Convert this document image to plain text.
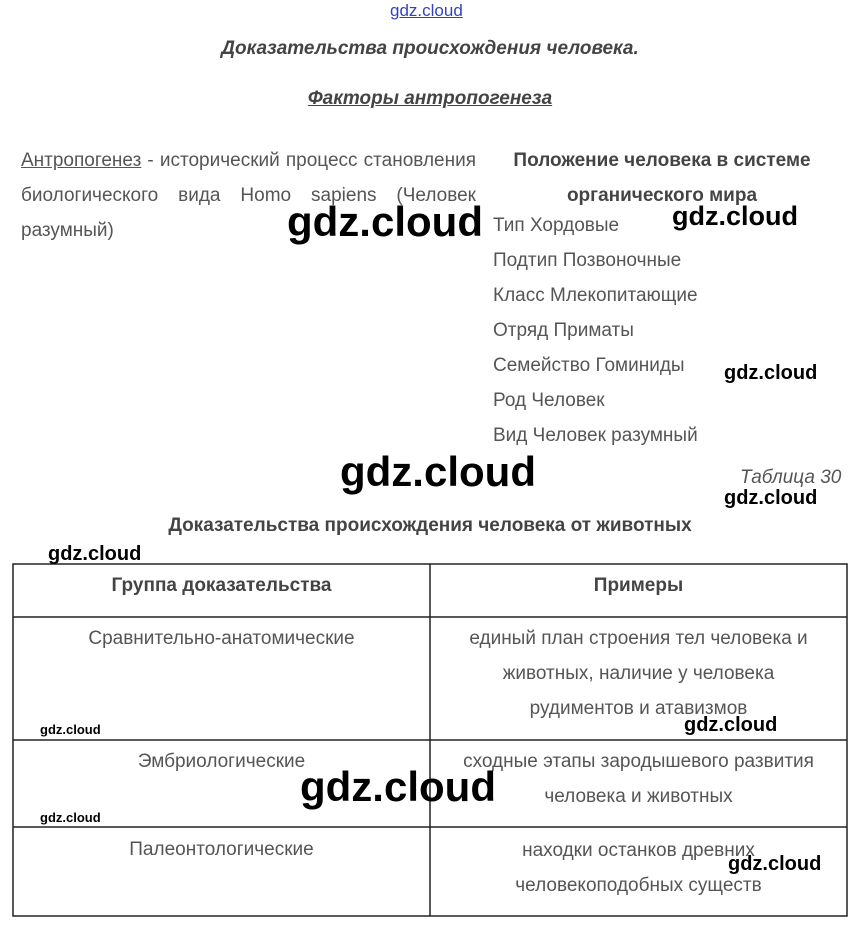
gdz.cloud
Доказательства происхождения человека.
Факторы антропогенеза
Антропогенез - исторический процесс становления биологического вида Homo sapiens (Человек разумный)
Положение человека в системе органического мира
Тип Хордовые
Подтип Позвоночные
Класс Млекопитающие
Отряд Приматы
Семейство Гоминиды
Род Человек
Вид Человек разумный
Таблица 30
Доказательства происхождения человека от животных
Группа доказательства	Примеры
Сравнительно-анатомические	единый план строения тел человека и животных, наличие у человека рудиментов и атавизмов
Эмбриологические	сходные этапы зародышевого развития человека и животных
Палеонтологические	находки останков древних человекоподобных существ
gdz.cloud	gdz.cloud
gdz.cloud
gdz.cloud
gdz.cloud
gdz.cloud
gdz.cloud	gdz.cloud
gdz.cloud
gdz.cloud
gdz.cloud
